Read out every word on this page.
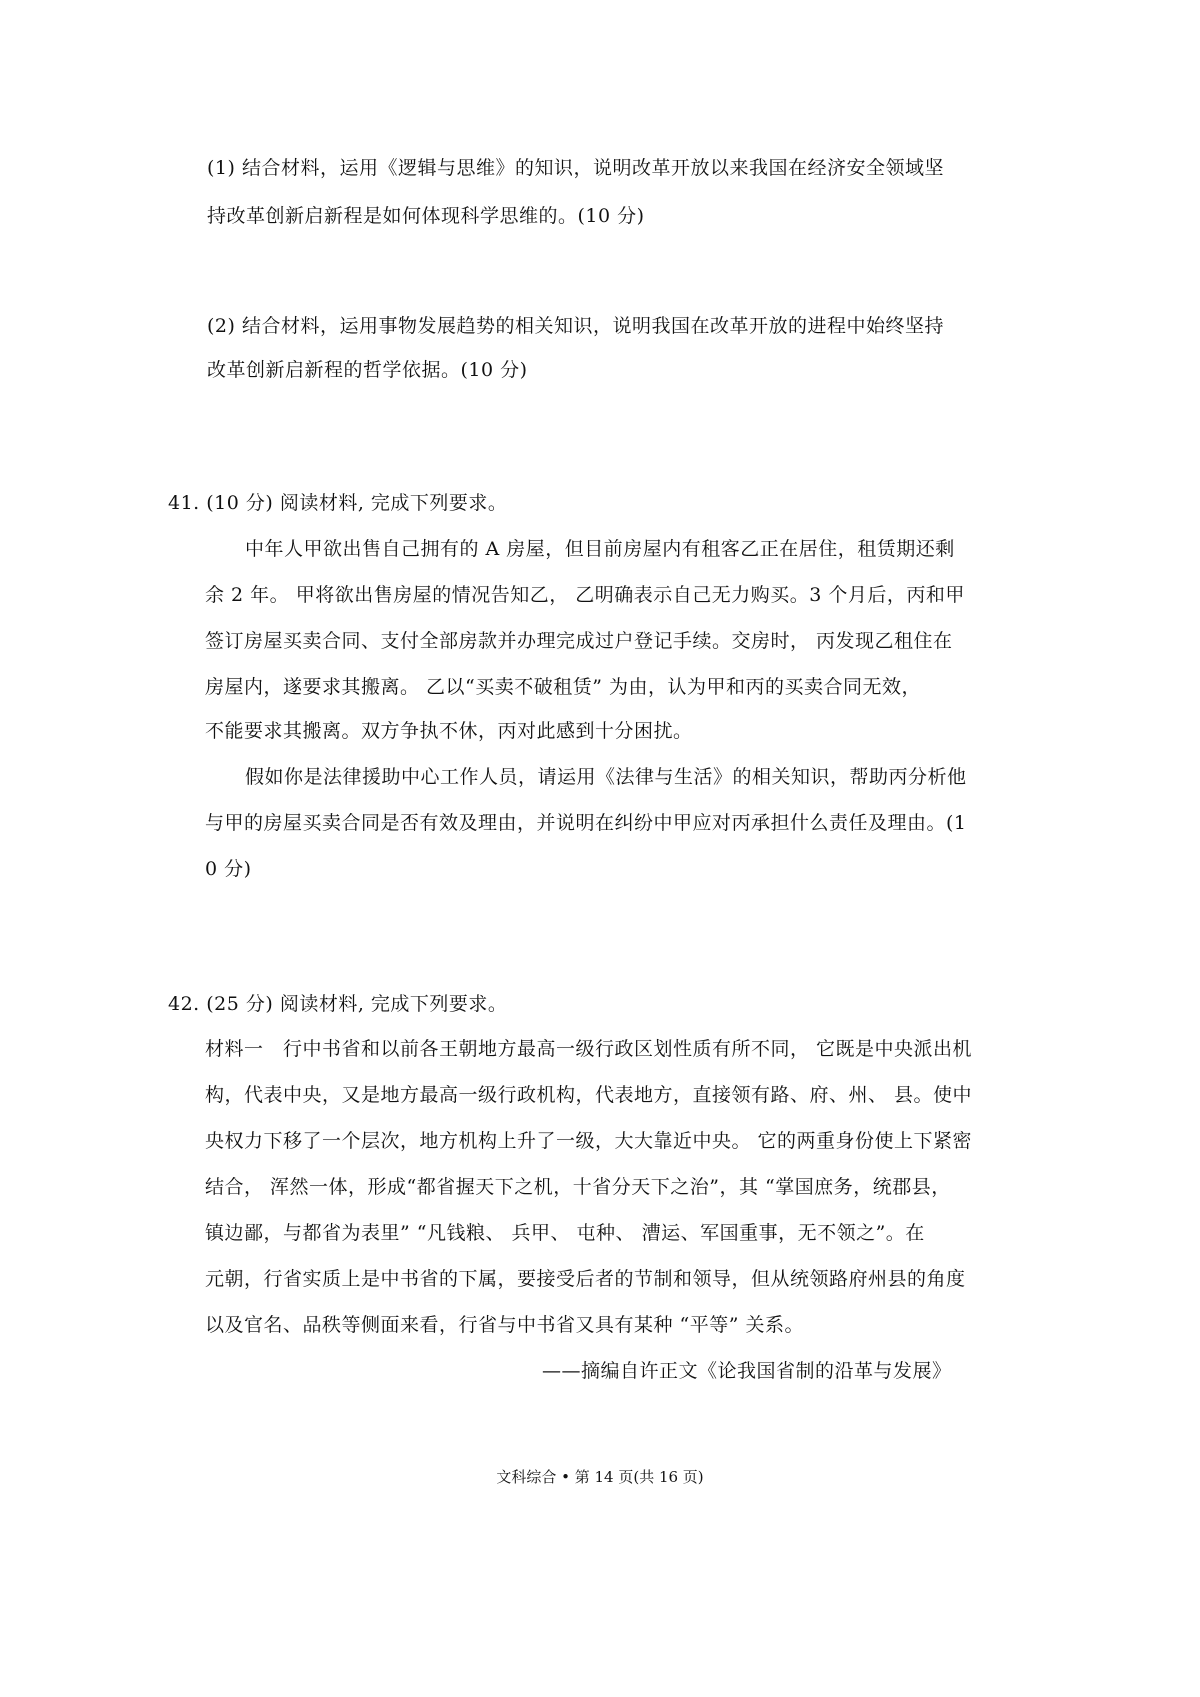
(1) 结合材料，运用《逻辑与思维》的知识，说明改革开放以来我国在经济安全领域坚
持改革创新启新程是如何体现科学思维的。(10 分)
(2) 结合材料，运用事物发展趋势的相关知识，说明我国在改革开放的进程中始终坚持
改革创新启新程的哲学依据。(10 分)
41. (10 分) 阅读材料, 完成下列要求。
中年人甲欲出售自己拥有的 A 房屋，但目前房屋内有租客乙正在居住，租赁期还剩
余 2 年。 甲将欲出售房屋的情况告知乙， 乙明确表示自己无力购买。3 个月后，丙和甲
签订房屋买卖合同、支付全部房款并办理完成过户登记手续。交房时， 丙发现乙租住在
房屋内，遂要求其搬离。 乙以“买卖不破租赁” 为由，认为甲和丙的买卖合同无效，
不能要求其搬离。双方争执不休，丙对此感到十分困扰。
假如你是法律援助中心工作人员，请运用《法律与生活》的相关知识，帮助丙分析他
与甲的房屋买卖合同是否有效及理由，并说明在纠纷中甲应对丙承担什么责任及理由。(1
0 分)
42. (25 分) 阅读材料, 完成下列要求。
材料一　行中书省和以前各王朝地方最高一级行政区划性质有所不同， 它既是中央派出机
构，代表中央，又是地方最高一级行政机构，代表地方，直接领有路、府、州、 县。使中
央权力下移了一个层次，地方机构上升了一级，大大靠近中央。 它的两重身份使上下紧密
结合， 浑然一体，形成“都省握天下之机，十省分天下之治”，其 “掌国庶务，统郡县，
镇边鄙，与都省为表里” “凡钱粮、 兵甲、 屯种、 漕运、军国重事，无不领之”。在
元朝，行省实质上是中书省的下属，要接受后者的节制和领导，但从统领路府州县的角度
以及官名、品秩等侧面来看，行省与中书省又具有某种 “平等” 关系。
——摘编自许正文《论我国省制的沿革与发展》
文科综合 • 第 14 页(共 16 页)
